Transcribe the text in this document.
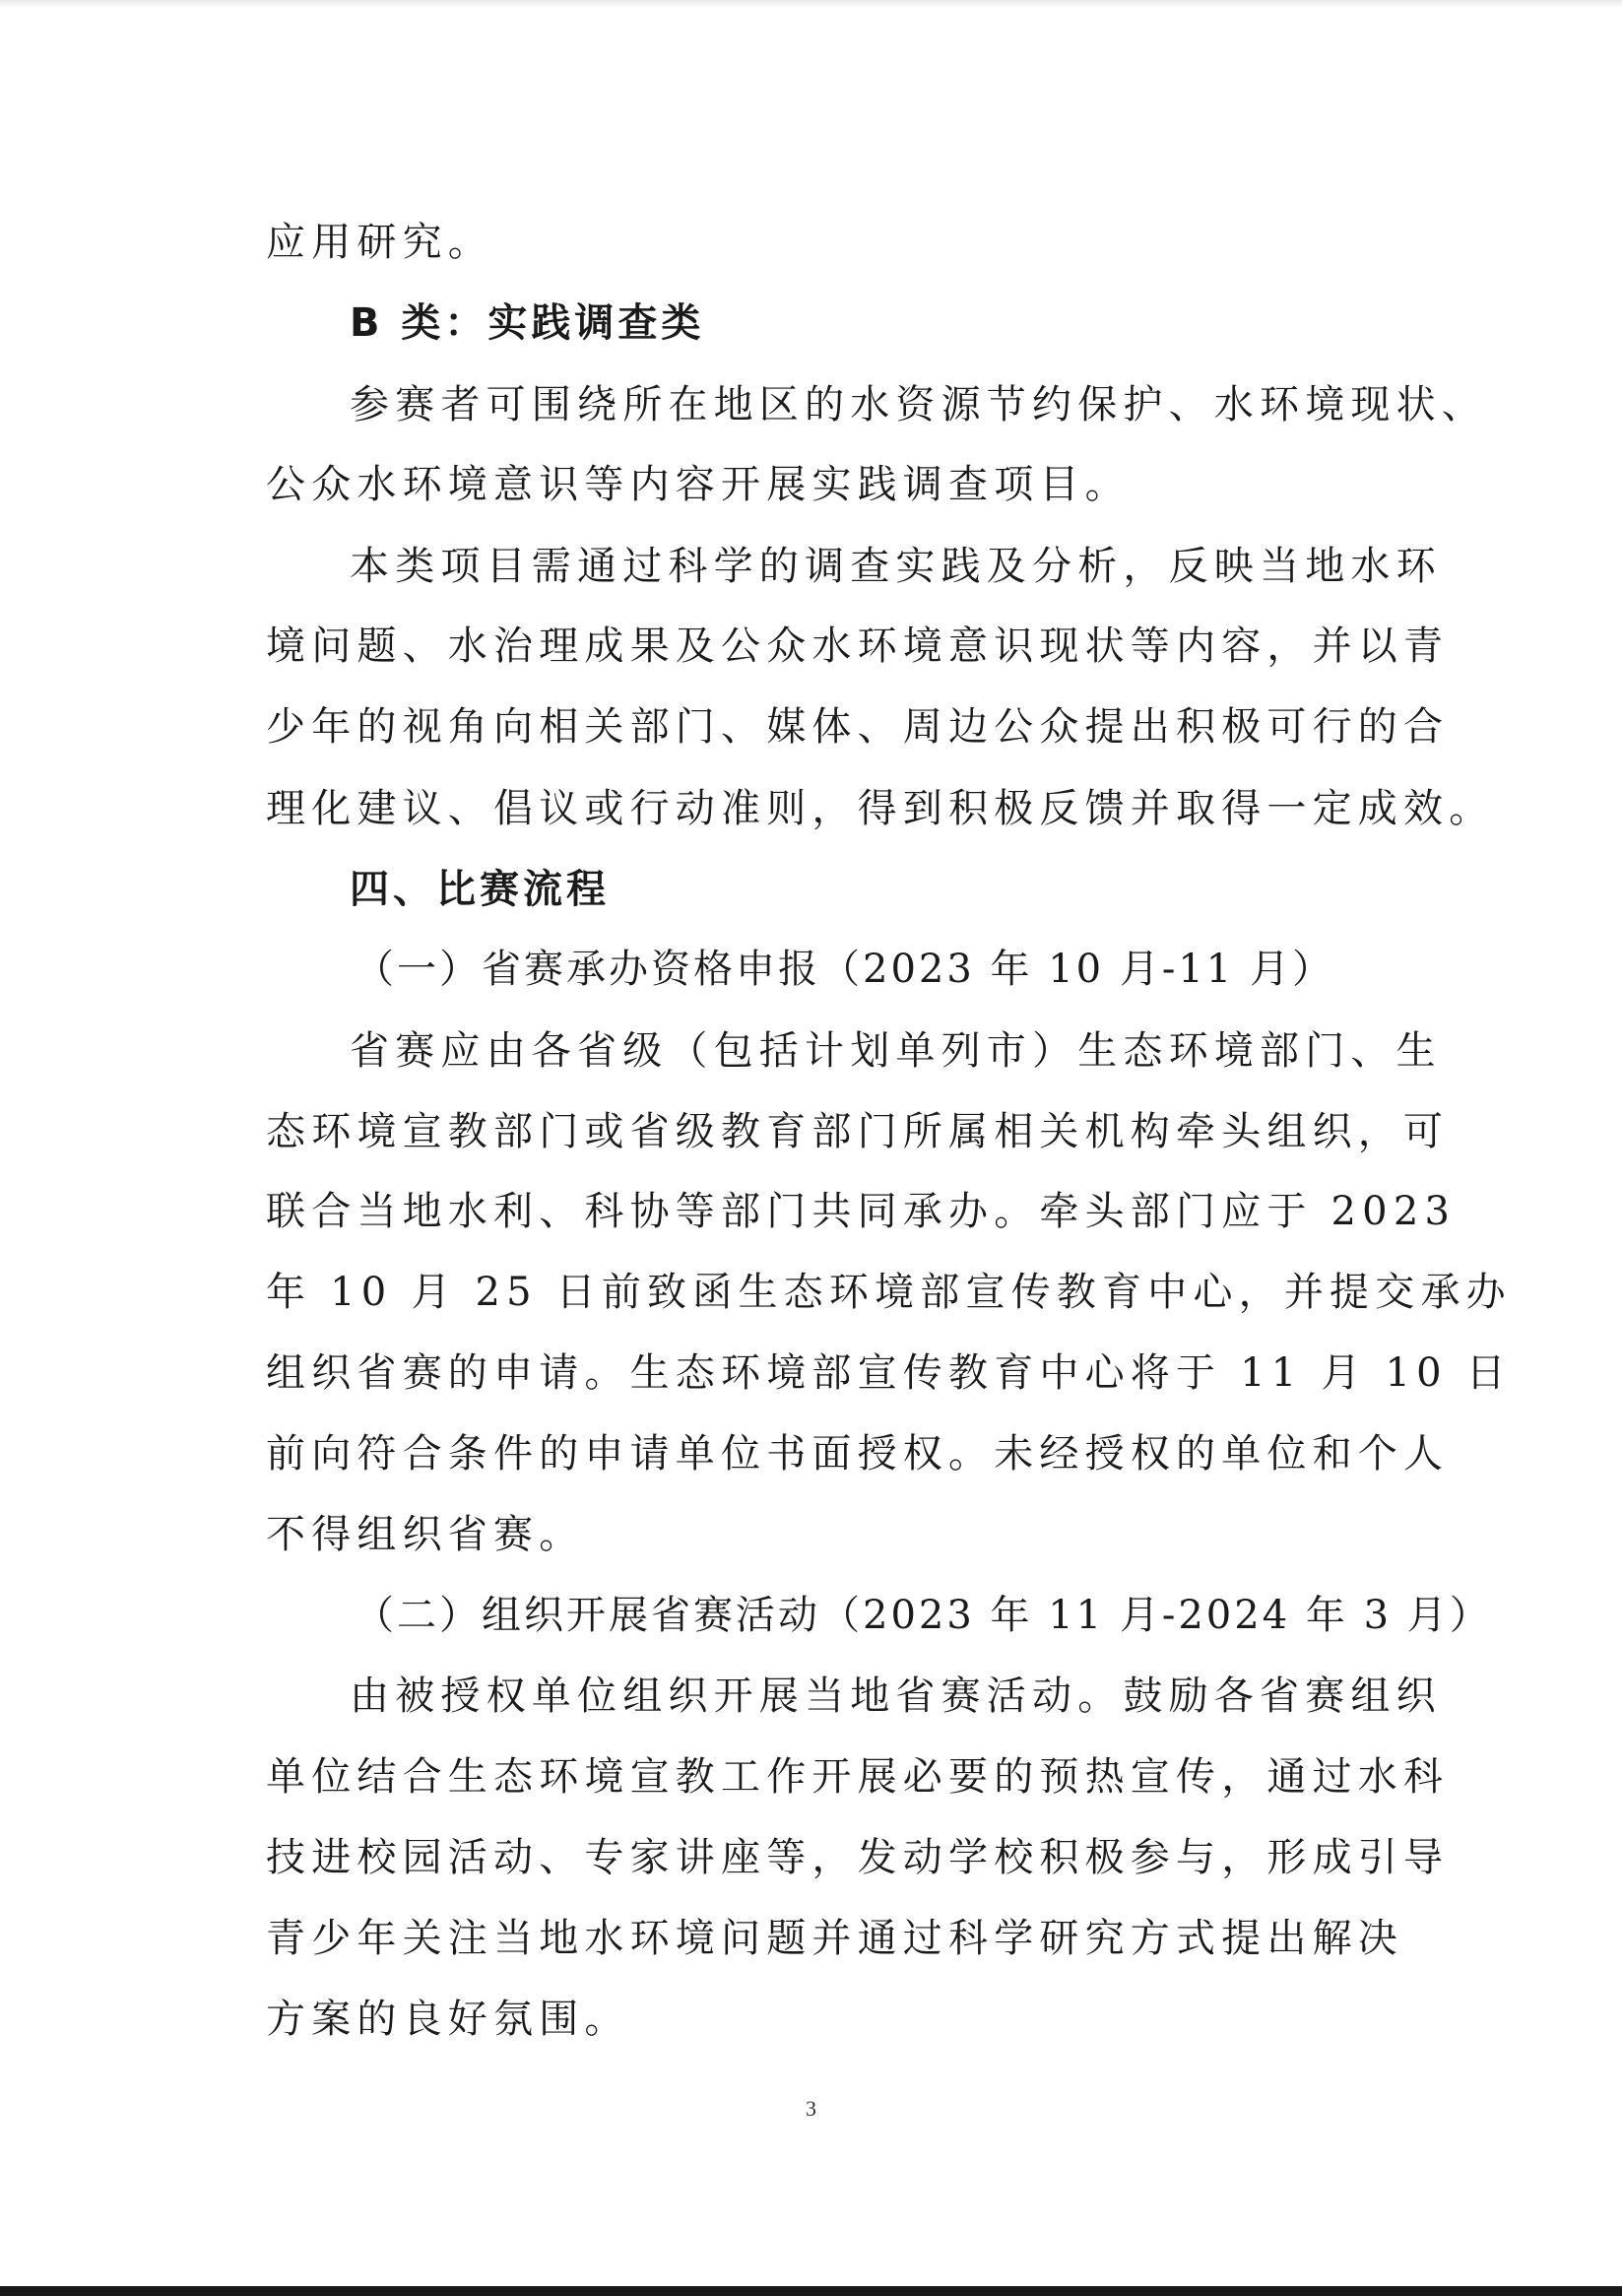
应用研究。
B 类：实践调查类
参赛者可围绕所在地区的水资源节约保护、水环境现状、
公众水环境意识等内容开展实践调查项目。
本类项目需通过科学的调查实践及分析，反映当地水环
境问题、水治理成果及公众水环境意识现状等内容，并以青
少年的视角向相关部门、媒体、周边公众提出积极可行的合
理化建议、倡议或行动准则，得到积极反馈并取得一定成效。
四、比赛流程
（一）省赛承办资格申报（2023 年 10 月-11 月）
省赛应由各省级（包括计划单列市）生态环境部门、生
态环境宣教部门或省级教育部门所属相关机构牵头组织，可
联合当地水利、科协等部门共同承办。牵头部门应于 2023
年 10 月 25 日前致函生态环境部宣传教育中心，并提交承办
组织省赛的申请。生态环境部宣传教育中心将于 11 月 10 日
前向符合条件的申请单位书面授权。未经授权的单位和个人
不得组织省赛。
（二）组织开展省赛活动（2023 年 11 月-2024 年 3 月）
由被授权单位组织开展当地省赛活动。鼓励各省赛组织
单位结合生态环境宣教工作开展必要的预热宣传，通过水科
技进校园活动、专家讲座等，发动学校积极参与，形成引导
青少年关注当地水环境问题并通过科学研究方式提出解决
方案的良好氛围。
3
